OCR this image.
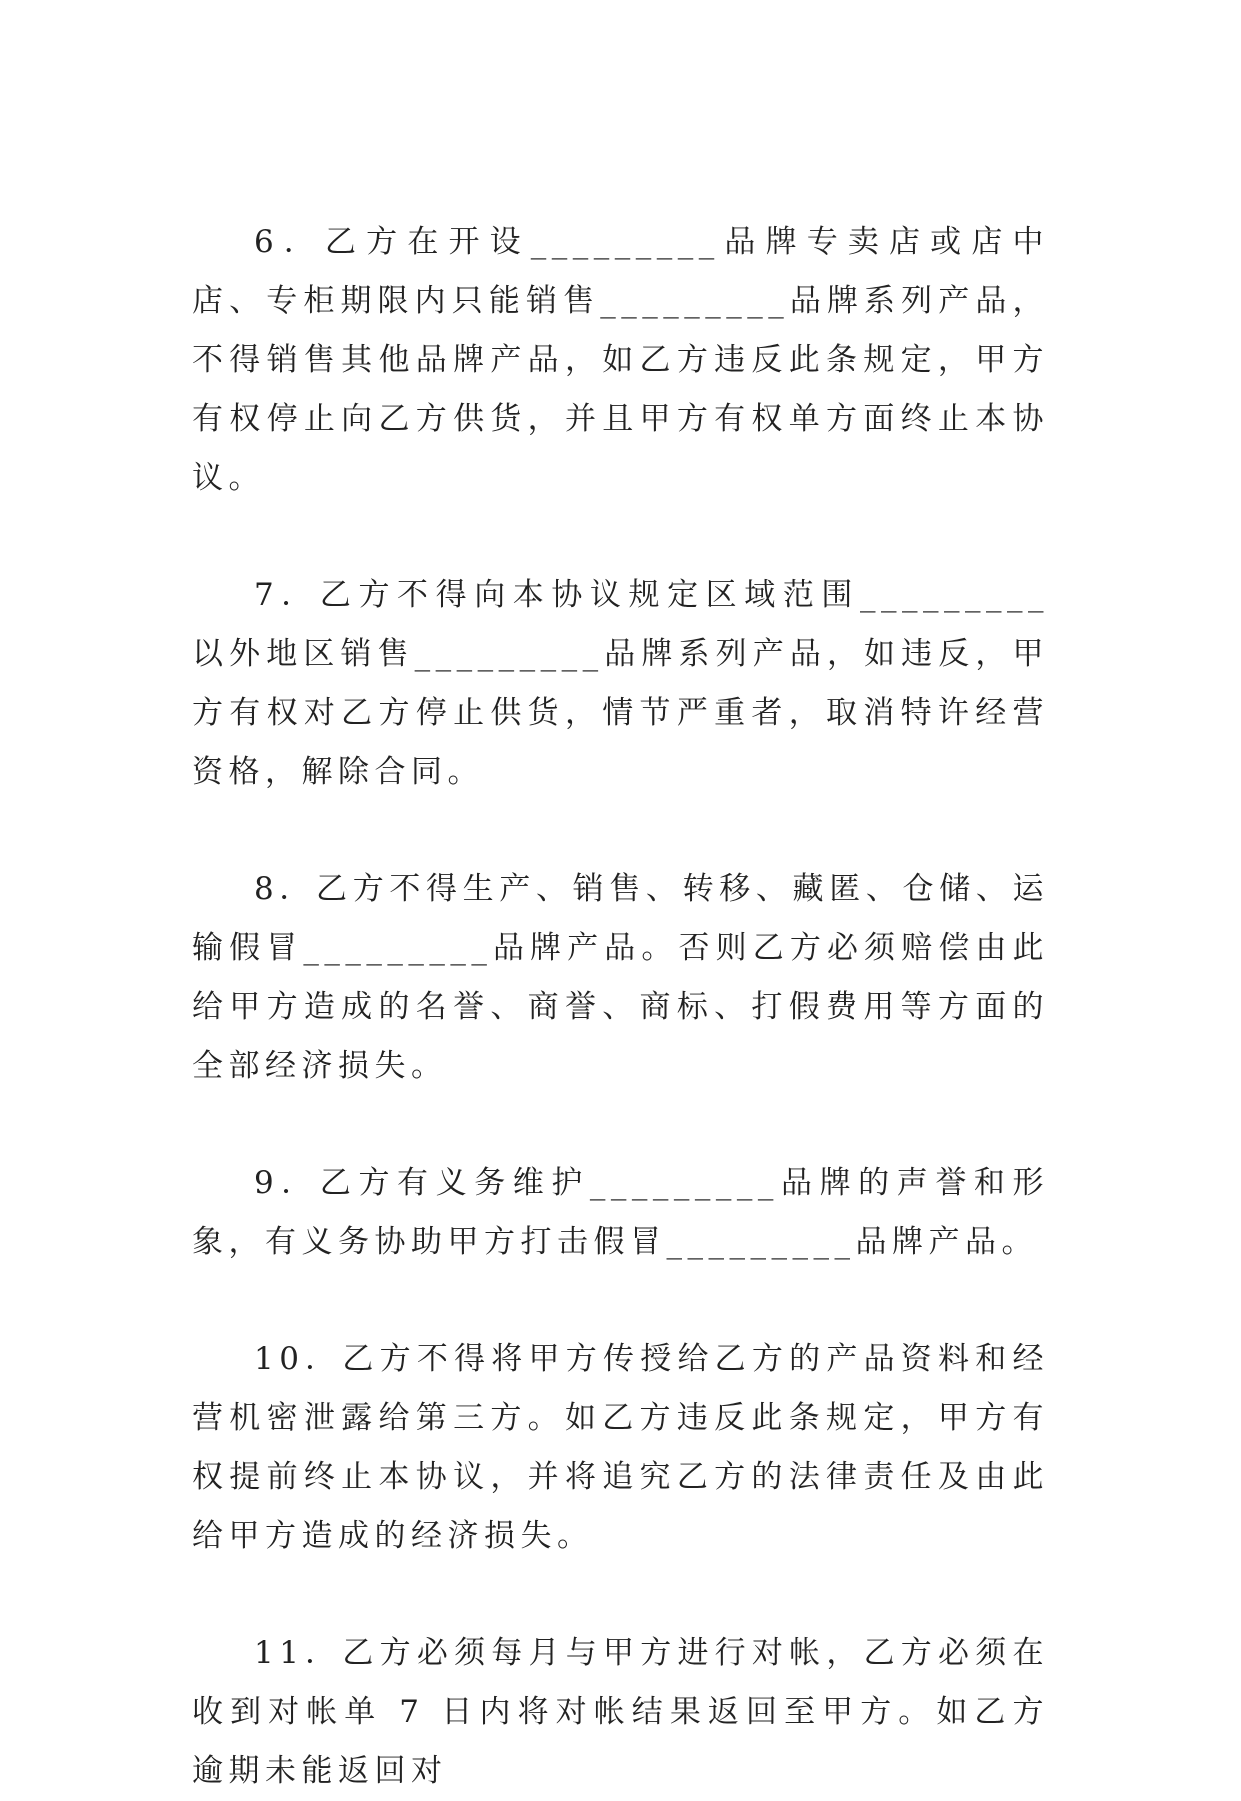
6．乙方在开设_________品牌专卖店或店中店、专柜期限内只能销售_________品牌系列产品，不得销售其他品牌产品，如乙方违反此条规定，甲方有权停止向乙方供货，并且甲方有权单方面终止本协议。

7．乙方不得向本协议规定区域范围_________以外地区销售_________品牌系列产品，如违反，甲方有权对乙方停止供货，情节严重者，取消特许经营资格，解除合同。

8．乙方不得生产、销售、转移、藏匿、仓储、运输假冒_________品牌产品。否则乙方必须赔偿由此给甲方造成的名誉、商誉、商标、打假费用等方面的全部经济损失。

9．乙方有义务维护_________品牌的声誉和形象，有义务协助甲方打击假冒_________品牌产品。

10．乙方不得将甲方传授给乙方的产品资料和经营机密泄露给第三方。如乙方违反此条规定，甲方有权提前终止本协议，并将追究乙方的法律责任及由此给甲方造成的经济损失。

11．乙方必须每月与甲方进行对帐，乙方必须在收到对帐单 7 日内将对帐结果返回至甲方。如乙方逾期未能返回对
